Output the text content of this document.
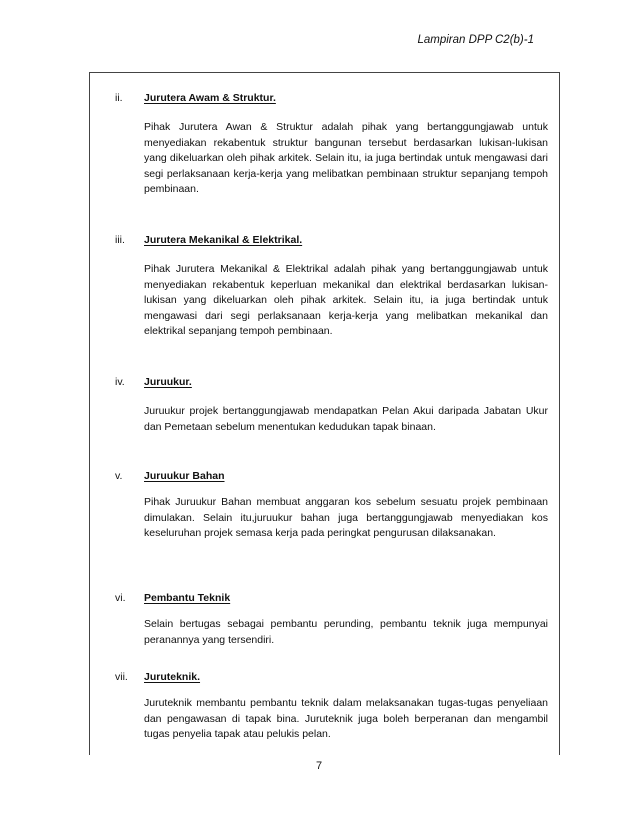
Lampiran DPP C2(b)-1
ii. Jurutera Awam & Struktur.
Pihak Jurutera Awan & Struktur adalah pihak yang bertanggungjawab untuk menyediakan rekabentuk struktur bangunan tersebut berdasarkan lukisan-lukisan yang dikeluarkan oleh pihak arkitek. Selain itu, ia juga bertindak untuk mengawasi dari segi perlaksanaan kerja-kerja yang melibatkan pembinaan struktur sepanjang tempoh pembinaan.
iii. Jurutera Mekanikal & Elektrikal.
Pihak Jurutera Mekanikal & Elektrikal adalah pihak yang bertanggungjawab untuk menyediakan rekabentuk keperluan mekanikal dan elektrikal berdasarkan lukisan-lukisan yang dikeluarkan oleh pihak arkitek. Selain itu, ia juga bertindak untuk mengawasi dari segi perlaksanaan kerja-kerja yang melibatkan mekanikal dan elektrikal sepanjang tempoh pembinaan.
iv. Juruukur.
Juruukur projek bertanggungjawab mendapatkan Pelan Akui daripada Jabatan Ukur dan Pemetaan sebelum menentukan kedudukan tapak binaan.
v. Juruukur Bahan
Pihak Juruukur Bahan membuat anggaran kos sebelum sesuatu projek pembinaan dimulakan. Selain itu,juruukur bahan juga bertanggungjawab menyediakan kos keseluruhan projek semasa kerja pada peringkat pengurusan dilaksanakan.
vi. Pembantu Teknik
Selain bertugas sebagai pembantu perunding, pembantu teknik juga mempunyai peranannya yang tersendiri.
vii. Juruteknik.
Juruteknik membantu pembantu teknik dalam melaksanakan tugas-tugas penyeliaan dan pengawasan di tapak bina. Juruteknik juga boleh berperanan dan mengambil tugas penyelia tapak atau pelukis pelan.
7
